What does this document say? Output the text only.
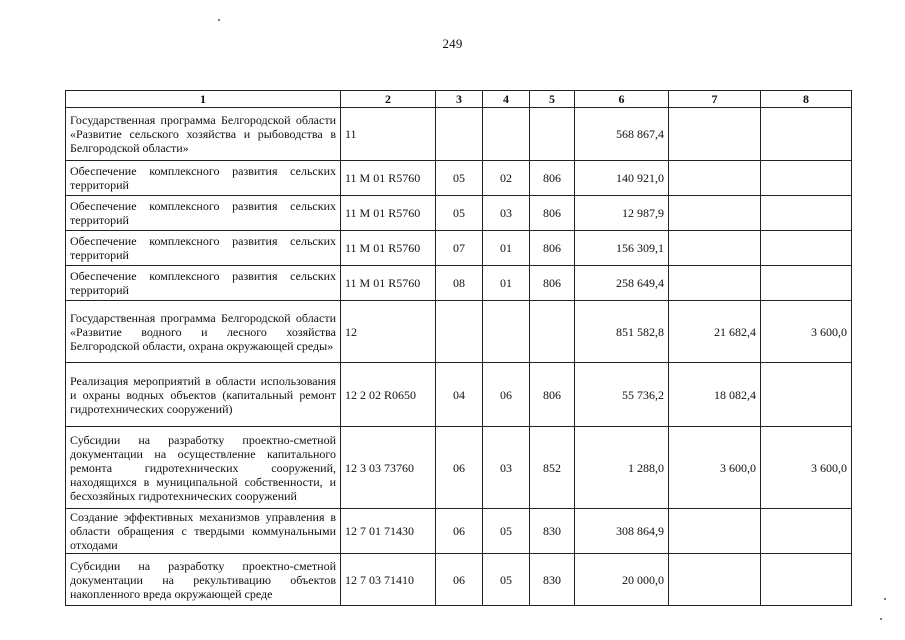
249
1	2	3	4	5	6	7	8
Государственная программа Белгородской области «Развитие сельского хозяйства и рыбоводства в Белгородской области»	11				568 867,4		
Обеспечение комплексного развития сельских территорий	11 М 01 R5760	05	02	806	140 921,0		
Обеспечение комплексного развития сельских территорий	11 М 01 R5760	05	03	806	12 987,9		
Обеспечение комплексного развития сельских территорий	11 М 01 R5760	07	01	806	156 309,1		
Обеспечение комплексного развития сельских территорий	11 М 01 R5760	08	01	806	258 649,4		
Государственная программа Белгородской области «Развитие водного и лесного хозяйства Белгородской области, охрана окружающей среды»	12				851 582,8	21 682,4	3 600,0
Реализация мероприятий в области использования и охраны водных объектов (капитальный ремонт гидротехнических сооружений)	12 2 02 R0650	04	06	806	55 736,2	18 082,4	
Субсидии на разработку проектно-сметной документации на осуществление капитального ремонта гидротехнических сооружений, находящихся в муниципальной собственности, и бесхозяйных гидротехнических сооружений	12 3 03 73760	06	03	852	1 288,0	3 600,0	3 600,0
Создание эффективных механизмов управления в области обращения с твердыми коммунальными отходами	12 7 01 71430	06	05	830	308 864,9		
Субсидии на разработку проектно-сметной документации на рекультивацию объектов накопленного вреда окружающей среде	12 7 03 71410	06	05	830	20 000,0		
